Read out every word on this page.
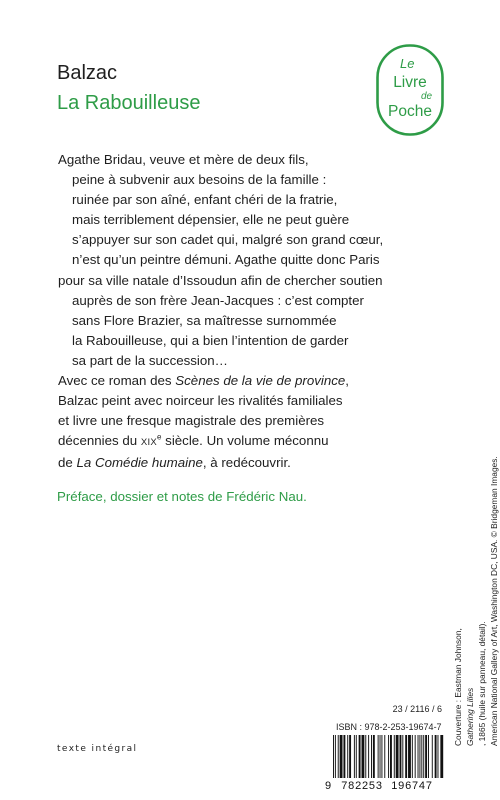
Balzac
La Rabouilleuse
Le
Livre
de
Poche
Agathe Bridau, veuve et mère de deux fils,
peine à subvenir aux besoins de la famille :
ruinée par son aîné, enfant chéri de la fratrie,
mais terriblement dépensier, elle ne peut guère
s’appuyer sur son cadet qui, malgré son grand cœur,
n’est qu’un peintre démuni. Agathe quitte donc Paris
pour sa ville natale d’Issoudun afin de chercher soutien
auprès de son frère Jean-Jacques : c’est compter
sans Flore Brazier, sa maîtresse surnommée
la Rabouilleuse, qui a bien l’intention de garder
sa part de la succession…
Avec ce roman des Scènes de la vie de province,
Balzac peint avec noirceur les rivalités familiales
et livre une fresque magistrale des premières
décennies du XIXe siècle. Un volume méconnu
de La Comédie humaine, à redécouvrir.
Préface, dossier et notes de Frédéric Nau.
Couverture : Eastman Johnson, Gathering Lilies , 1865 (huile sur panneau, détail). American National Gallery of Art, Washington DC, USA. © Bridgeman Images.
23 / 2116 / 6
ISBN : 978-2-253-19674-7
texte intégral
9 782253 196747
